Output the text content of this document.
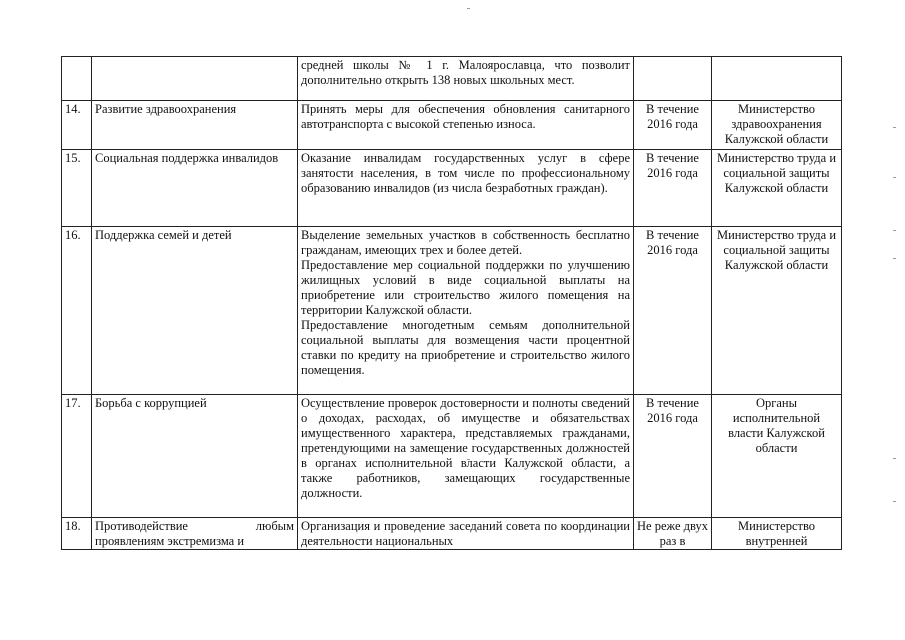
		средней школы № 1 г. Малоярославца, что позволит дополнительно открыть 138 новых школьных мест.		

14.	Развитие здравоохранения	Принять меры для обеспечения обновления санитарного автотранспорта с высокой степенью износа.	В течение 2016 года	Министерство здравоохранения Калужской области
15.	Социальная поддержка инвалидов	Оказание инвалидам государственных услуг в сфере занятости населения, в том числе по профессиональному образованию инвалидов (из числа безработных граждан).	В течение 2016 года	Министерство труда и социальной защиты Калужской области
16.	Поддержка семей и детей	Выделение земельных участков в собственность бесплатно гражданам, имеющих трех и более детей.

Предоставление мер социальной поддержки по улучшению жилищных условий в виде социальной выплаты на приобретение или строительство жилого помещения на территории Калужской области.

Предоставление многодетным семьям дополнительной социальной выплаты для возмещения части процентной ставки по кредиту на приобретение и строительство жилого помещения.	В течение 2016 года	Министерство труда и социальной защиты Калужской области
17.	Борьба с коррупцией	Осуществление проверок достоверности и полноты сведений о доходах, расходах, об имуществе и обязательствах имущественного характера, представляемых гражданами, претендующими на замещение государственных должностей в органах исполнительной власти Калужской области, а также работников, замещающих государственные должности.	В течение 2016 года	Органы исполнительной власти Калужской области
18.	Противодействие любым проявлениям экстремизма и	Организация и проведение заседаний совета по координации деятельности национальных	Не реже двух раз в	Министерство внутренней
